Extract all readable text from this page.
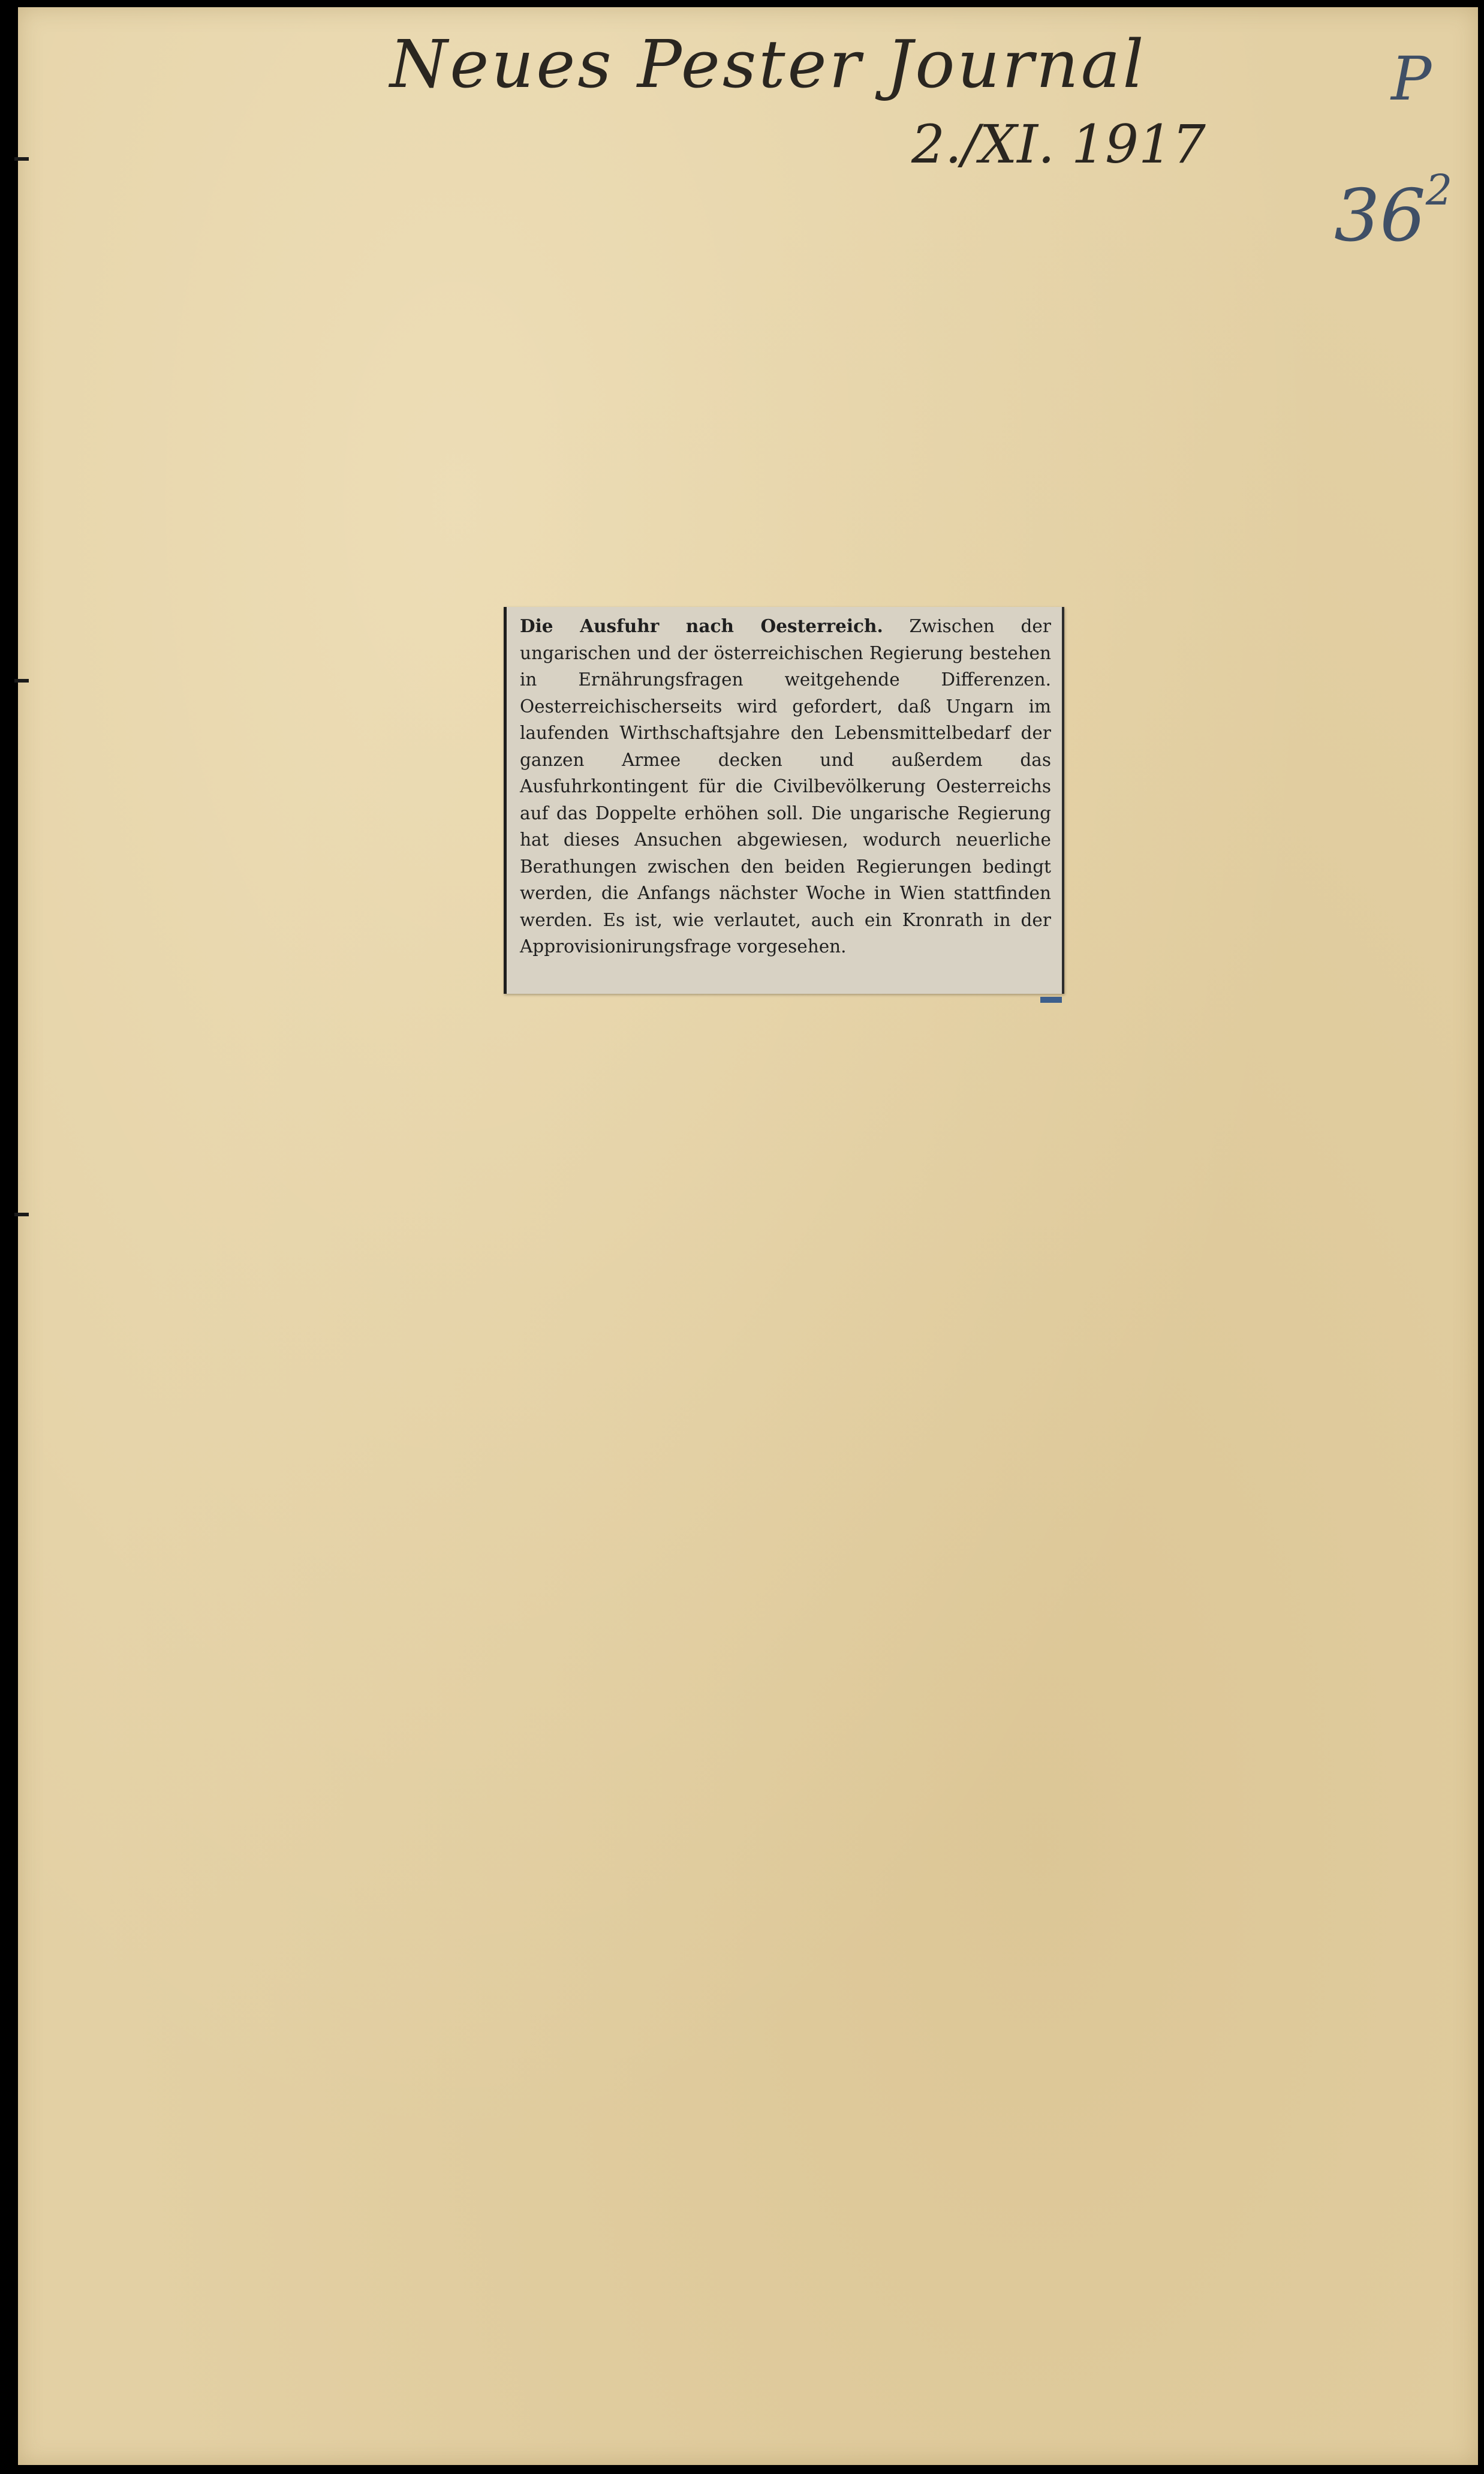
Neues Pester Journal
2./XI. 1917
P
$36^2$

Die Ausfuhr nach Oesterreich. Zwischen der ungarischen und der österreichischen Regierung bestehen in Ernährungsfragen weitgehende Differenzen. Oesterreichischerseits wird gefordert, daß Ungarn im laufenden Wirthschaftsjahre den Lebensmittelbedarf der ganzen Armee decken und außerdem das Ausfuhrkontingent für die Civilbevölkerung Oesterreichs auf das Doppelte erhöhen soll. Die ungarische Regierung hat dieses Ansuchen abgewiesen, wodurch neuerliche Berathungen zwischen den beiden Regierungen bedingt werden, die Anfangs nächster Woche in Wien stattfinden werden. Es ist, wie verlautet, auch ein Kronrath in der Approvisionirungsfrage vorgesehen.
